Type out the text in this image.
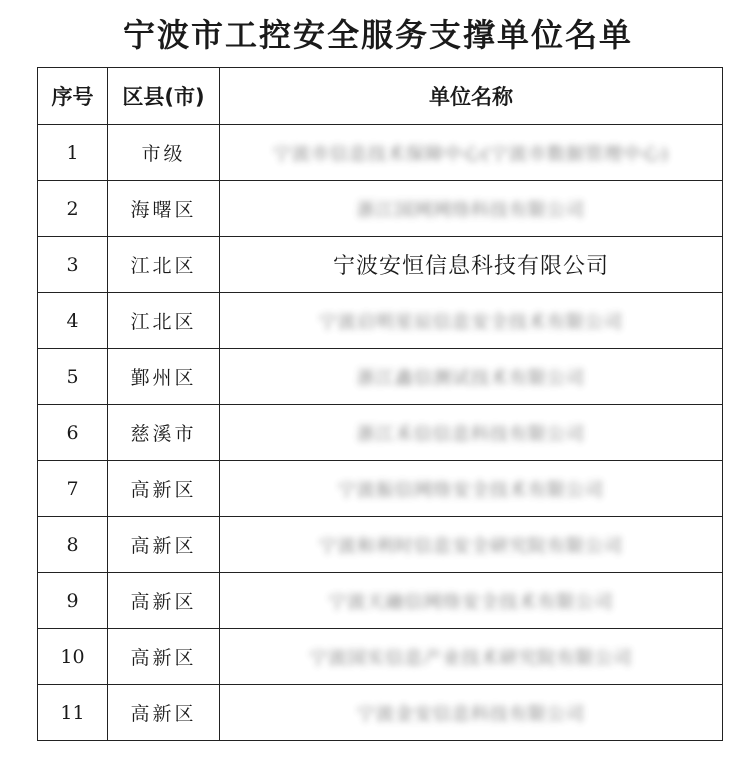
宁波市工控安全服务支撑单位名单
序号	区县(市)	单位名称
1	市级	宁波市信息技术保障中心(宁波市数据管理中心)
2	海曙区	浙江国网网络科技有限公司
3	江北区	宁波安恒信息科技有限公司
4	江北区	宁波启明星辰信息安全技术有限公司
5	鄞州区	浙江鑫信测试技术有限公司
6	慈溪市	浙江禾信信息科技有限公司
7	高新区	宁波振信网络安全技术有限公司
8	高新区	宁波和利时信息安全研究院有限公司
9	高新区	宁波天融信网络安全技术有限公司
10	高新区	宁波国实信息产业技术研究院有限公司
11	高新区	宁波金安信息科技有限公司
